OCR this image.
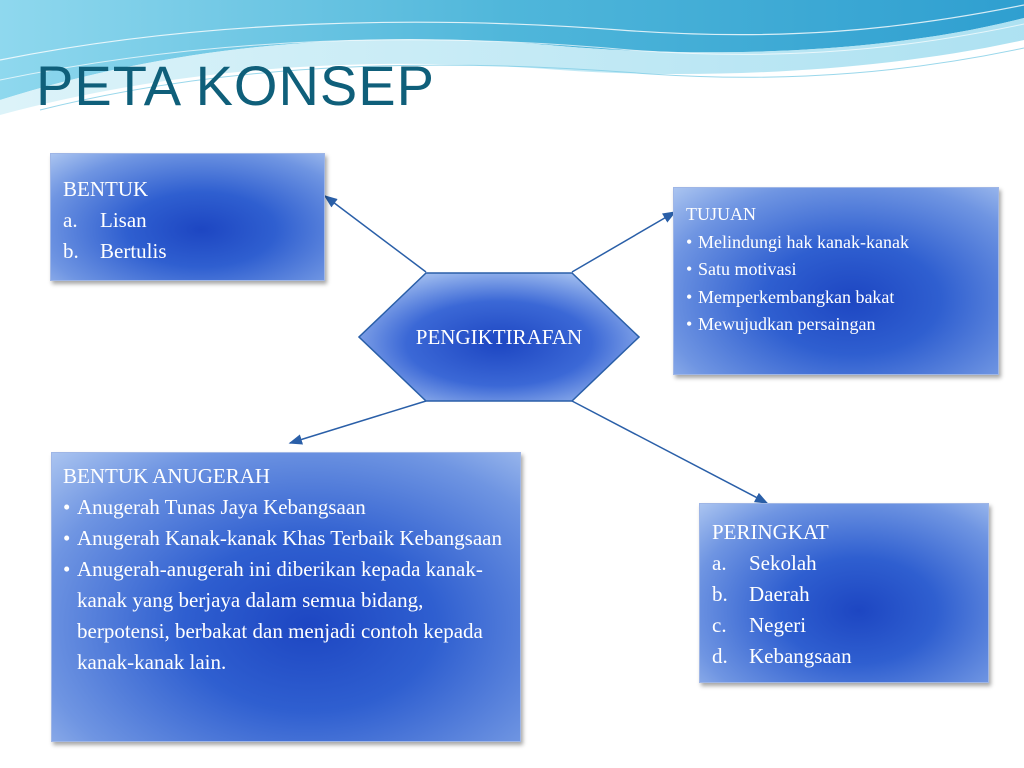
PETA KONSEP
BENTUK
a.	Lisan
b.	Bertulis
TUJUAN
• Melindungi hak kanak-kanak
• Satu motivasi
• Memperkembangkan bakat
• Mewujudkan persaingan
PENGIKTIRAFAN
BENTUK ANUGERAH
• Anugerah Tunas Jaya Kebangsaan
• Anugerah Kanak-kanak Khas Terbaik Kebangsaan
• Anugerah-anugerah ini diberikan kepada kanak-kanak yang berjaya dalam semua bidang, berpotensi, berbakat dan menjadi contoh kepada kanak-kanak lain.
PERINGKAT
a.	Sekolah
b.	Daerah
c.	Negeri
d.	Kebangsaan
